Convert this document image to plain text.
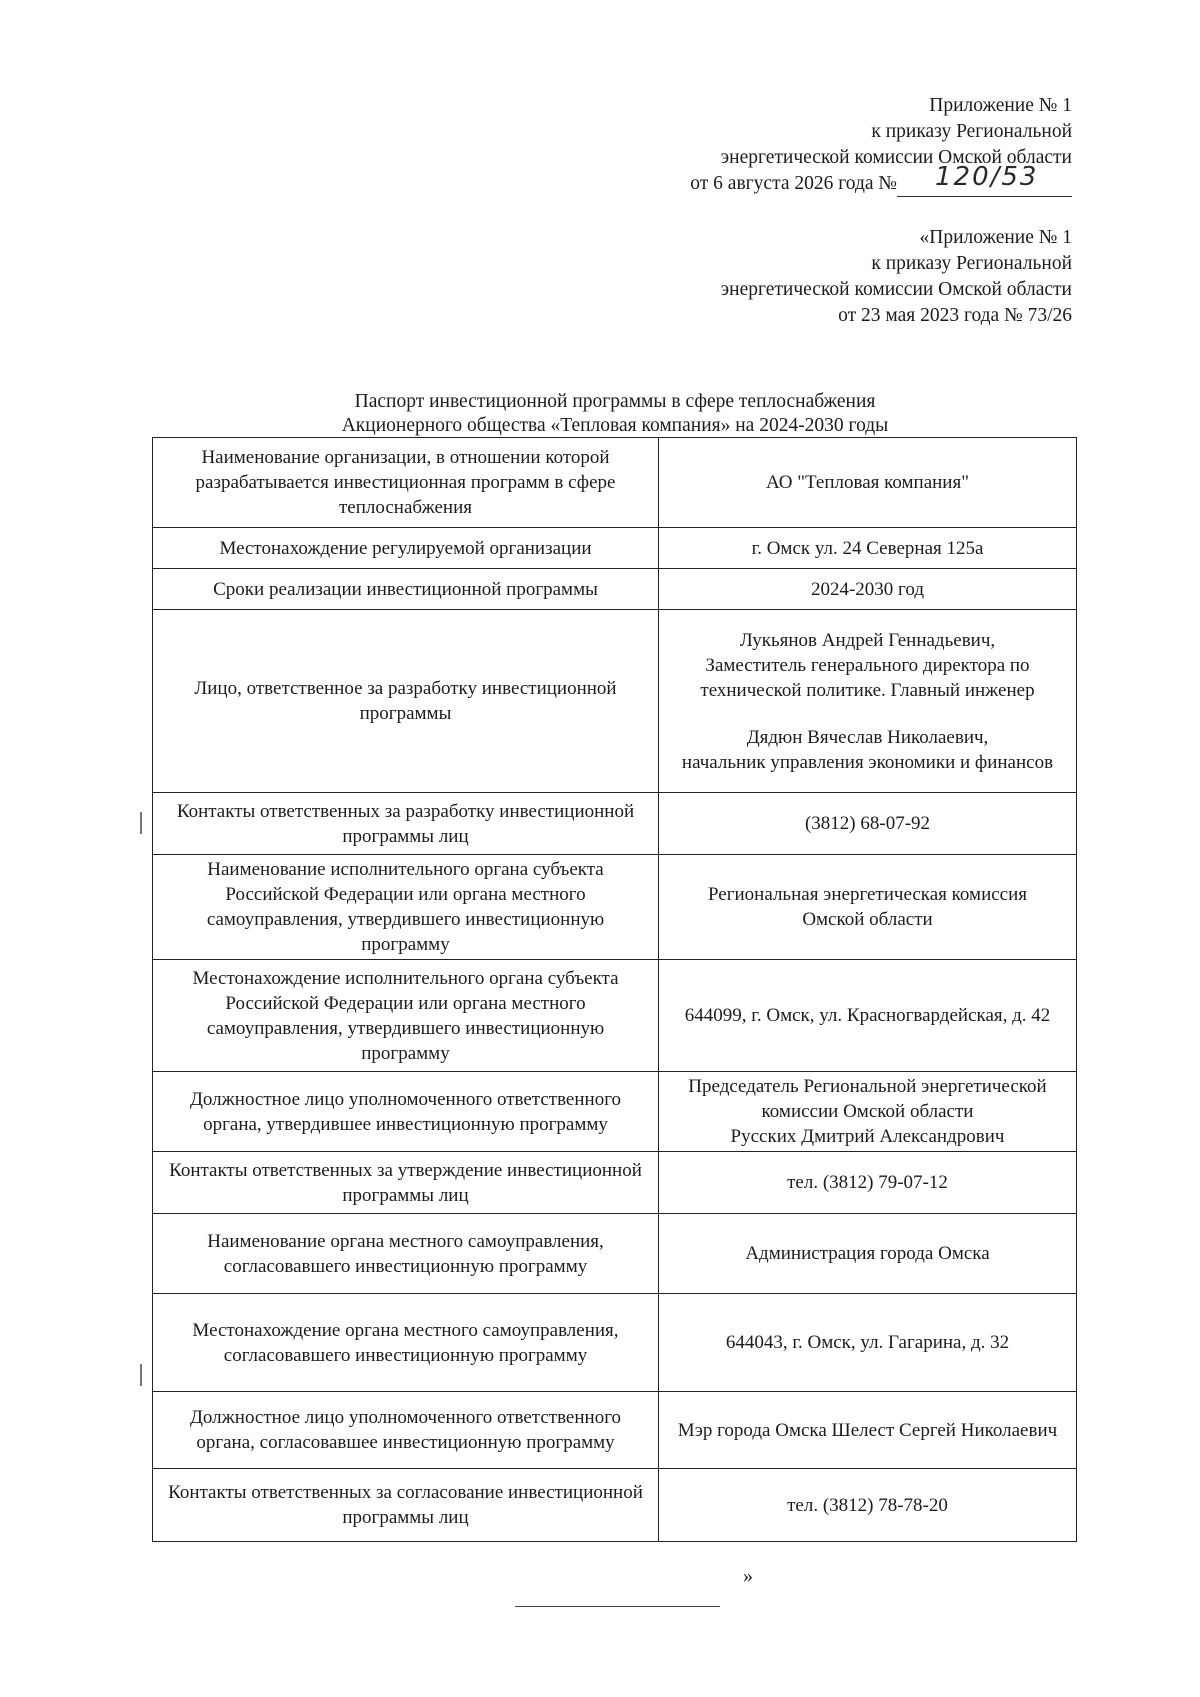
Приложение № 1
к приказу Региональной
энергетической комиссии Омской области
от 6 августа 2026 года № 120/53
«Приложение № 1
к приказу Региональной
энергетической комиссии Омской области
от 23 мая 2023 года № 73/26
Паспорт инвестиционной программы в сфере теплоснабжения
Акционерного общества «Тепловая компания» на 2024-2030 годы
Наименование организации, в отношении которой разрабатывается инвестиционная программ в сфере теплоснабжения	АО "Тепловая компания"

Местонахождение регулируемой организации	г. Омск ул. 24 Северная 125а

Сроки реализации инвестиционной программы	2024-2030 год

Лицо, ответственное за разработку инвестиционной программы	Лукьянов Андрей Геннадьевич,
Заместитель генерального директора по
технической политике. Главный инженер
Дядюн Вячеслав Николаевич,
начальник управления экономики и финансов

Контакты ответственных за разработку инвестиционной программы лиц	(3812) 68-07-92

Наименование исполнительного органа субъекта Российской Федерации или органа местного самоуправления, утвердившего инвестиционную программу	Региональная энергетическая комиссия
Омской области

Местонахождение исполнительного органа субъекта Российской Федерации или органа местного самоуправления, утвердившего инвестиционную программу	644099, г. Омск, ул. Красногвардейская, д. 42

Должностное лицо уполномоченного ответственного органа, утвердившее инвестиционную программу	Председатель Региональной энергетической
комиссии Омской области
Русских Дмитрий Александрович

Контакты ответственных за утверждение инвестиционной программы лиц	тел. (3812) 79-07-12

Наименование органа местного самоуправления, согласовавшего инвестиционную программу	Администрация города Омска

Местонахождение органа местного самоуправления, согласовавшего инвестиционную программу	644043, г. Омск, ул. Гагарина, д. 32

Должностное лицо уполномоченного ответственного органа, согласовавшее инвестиционную программу	Мэр города Омска Шелест Сергей Николаевич

Контакты ответственных за согласование инвестиционной программы лиц	тел. (3812) 78-78-20
»
